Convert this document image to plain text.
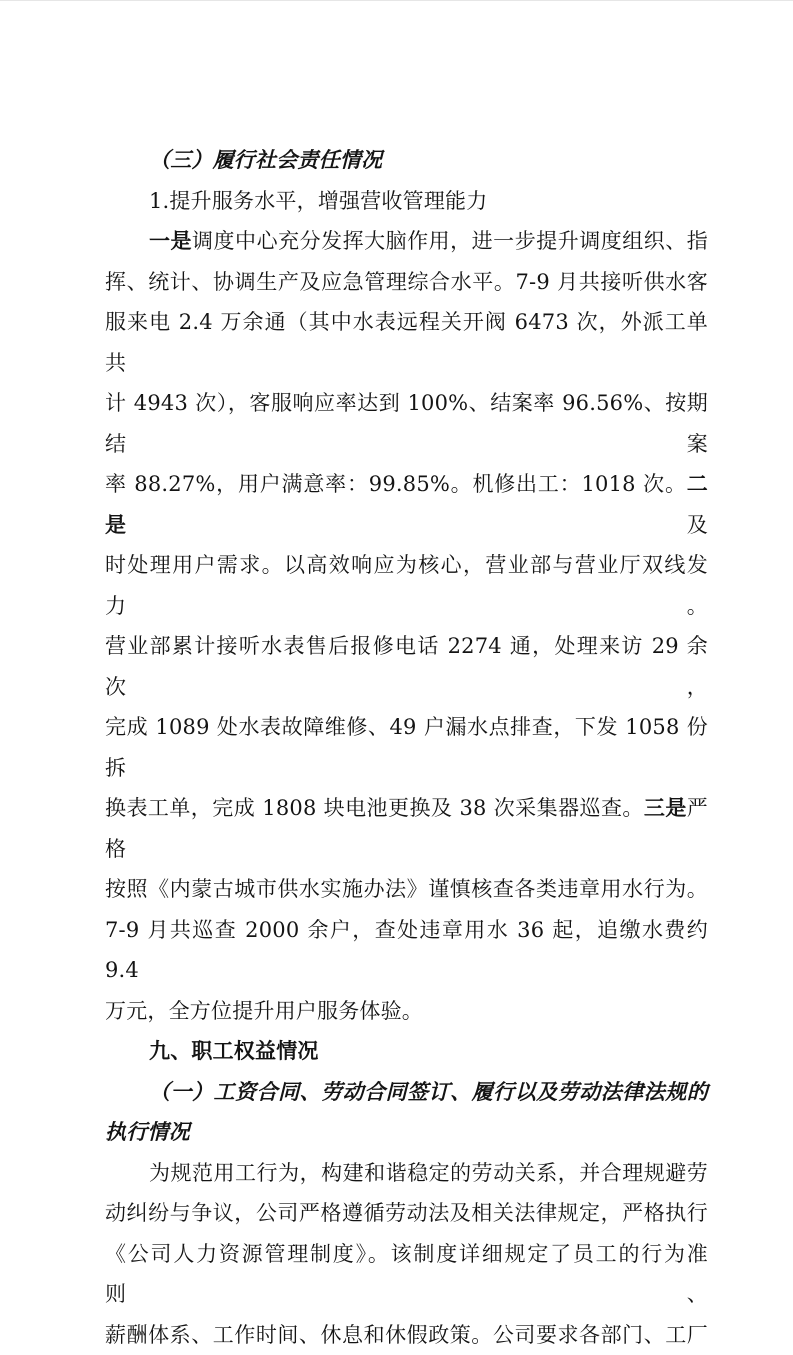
（三）履行社会责任情况
1.提升服务水平，增强营收管理能力
一是调度中心充分发挥大脑作用，进一步提升调度组织、指
挥、统计、协调生产及应急管理综合水平。7-9 月共接听供水客
服来电 2.4 万余通（其中水表远程关开阀 6473 次，外派工单共
计 4943 次），客服响应率达到 100%、结案率 96.56%、按期结案
率 88.27%，用户满意率：99.85%。机修出工：1018 次。二是及
时处理用户需求。以高效响应为核心，营业部与营业厅双线发力。
营业部累计接听水表售后报修电话 2274 通，处理来访 29 余次，
完成 1089 处水表故障维修、49 户漏水点排查，下发 1058 份拆
换表工单，完成 1808 块电池更换及 38 次采集器巡查。三是严格
按照《内蒙古城市供水实施办法》谨慎核查各类违章用水行为。
7-9 月共巡查 2000 余户，查处违章用水 36 起，追缴水费约 9.4
万元，全方位提升用户服务体验。
九、职工权益情况
（一）工资合同、劳动合同签订、履行以及劳动法律法规的
执行情况
为规范用工行为，构建和谐稳定的劳动关系，并合理规避劳
动纠纷与争议，公司严格遵循劳动法及相关法律规定，严格执行
《公司人力资源管理制度》。该制度详细规定了员工的行为准则、
薪酬体系、工作时间、休息和休假政策。公司要求各部门、工厂
